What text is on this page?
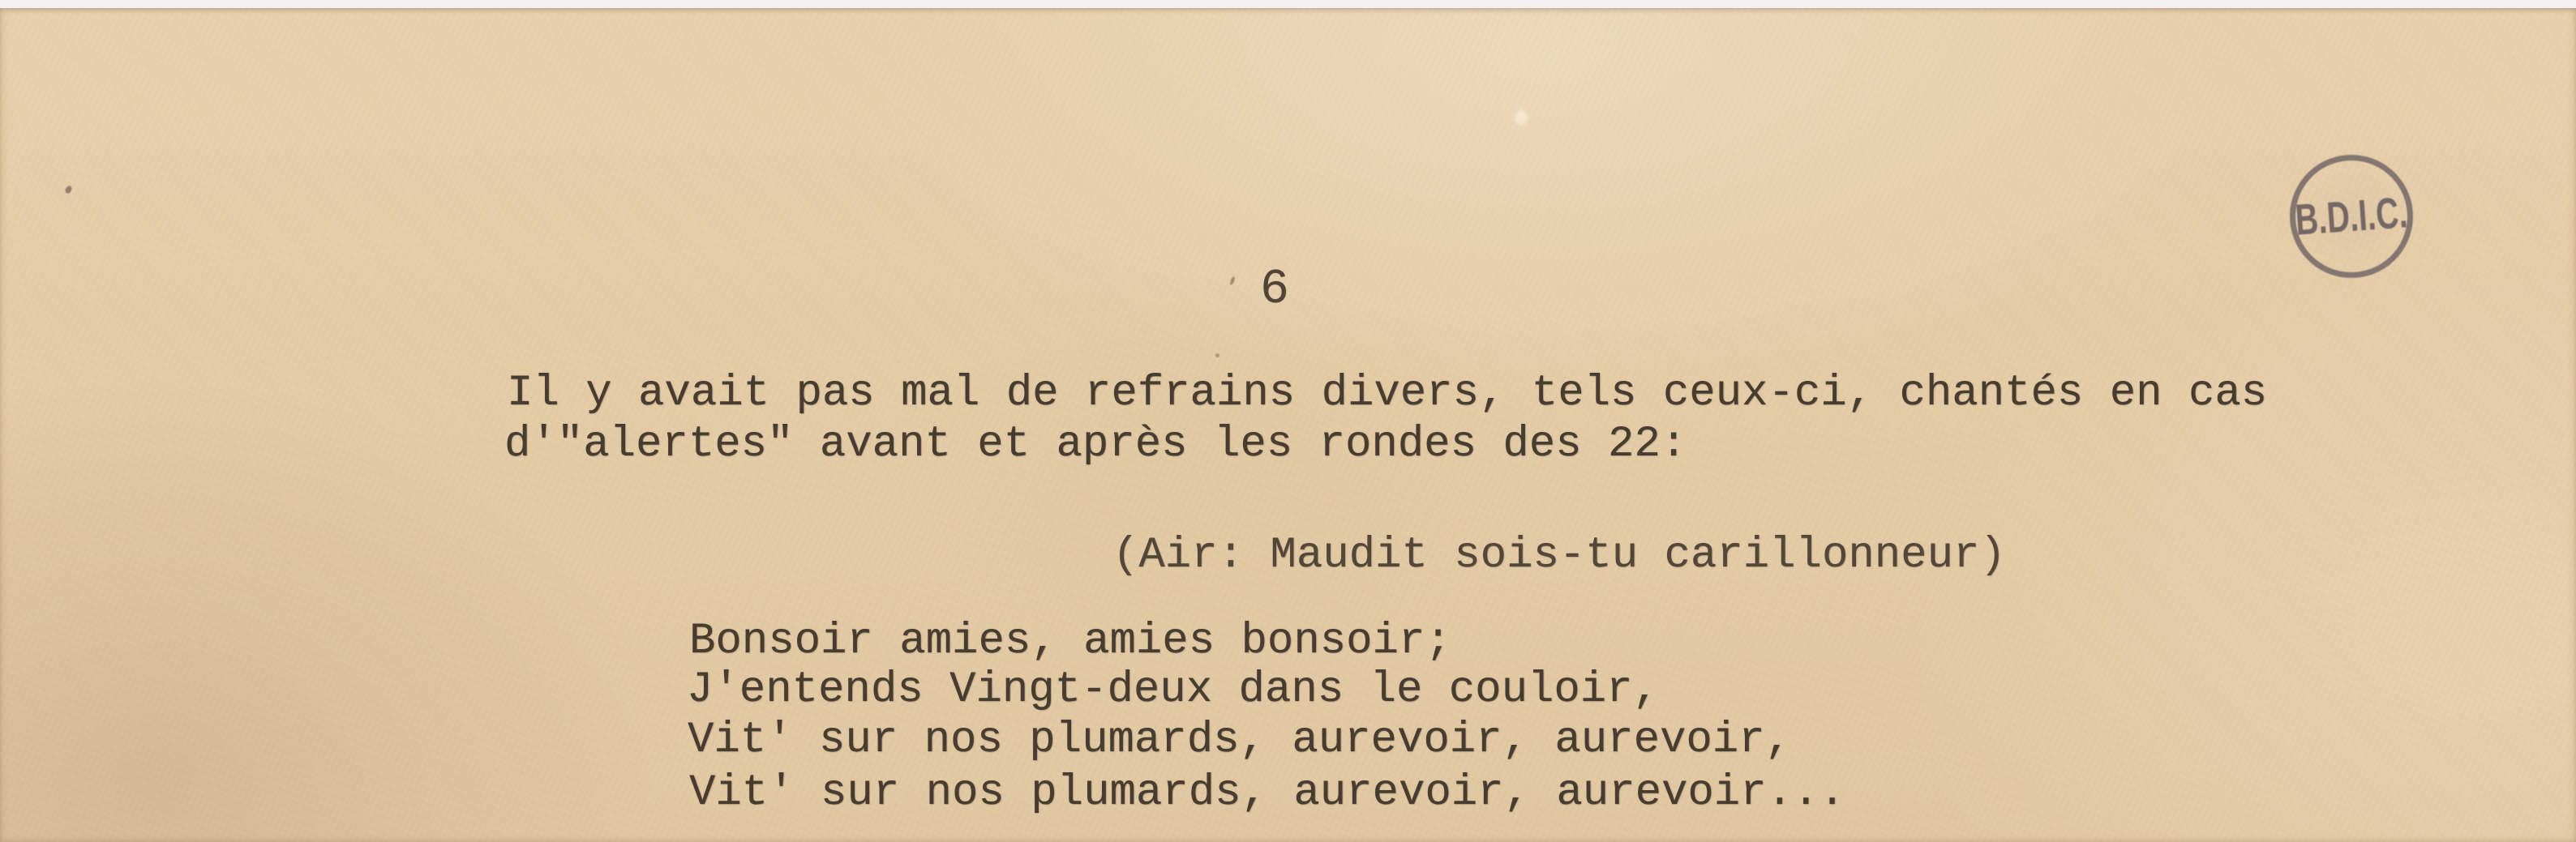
6
B.D.I.C.
Il y avait pas mal de refrains divers, tels ceux-ci, chantés en cas
d'"alertes" avant et après les rondes des 22:
(Air: Maudit sois-tu carillonneur)
Bonsoir amies, amies bonsoir;
J'entends Vingt-deux dans le couloir,
Vit' sur nos plumards, aurevoir, aurevoir,
Vit' sur nos plumards, aurevoir, aurevoir...
